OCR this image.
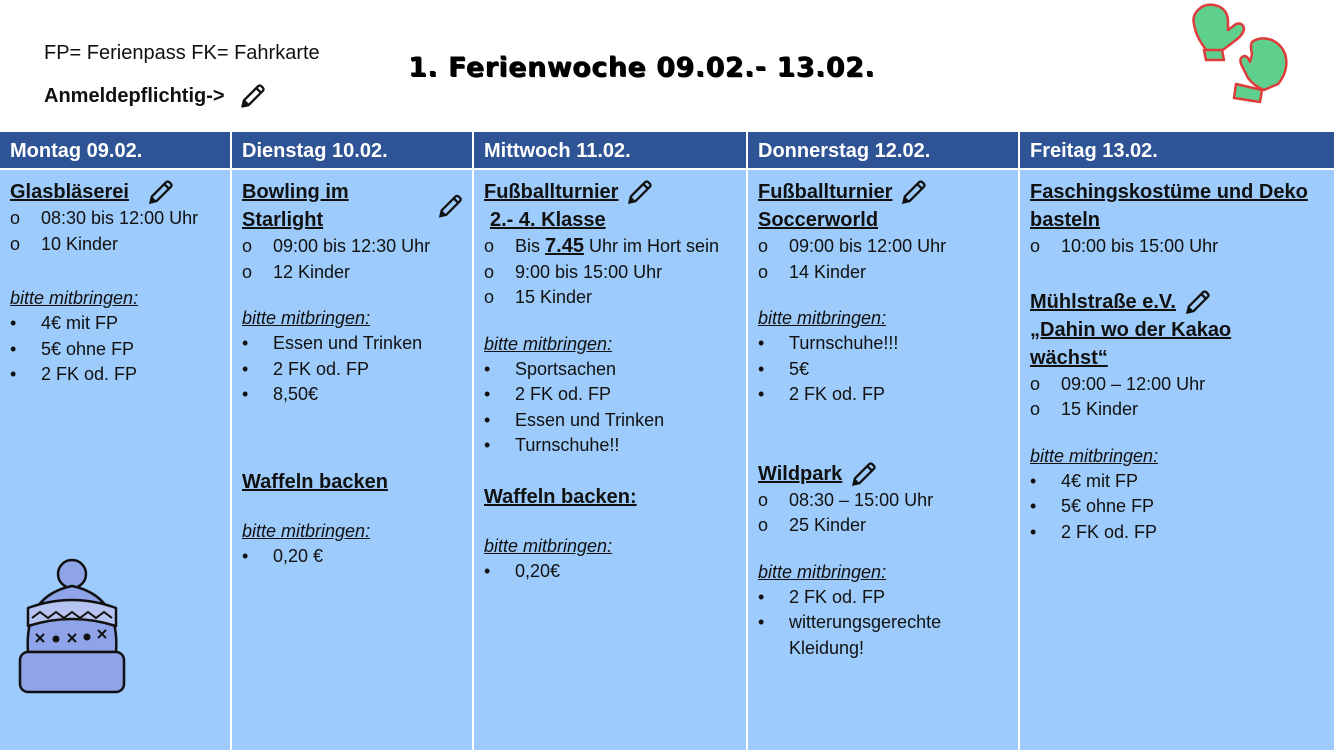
FP= Ferienpass FK= Fahrkarte
Anmeldepflichtig->
1. Ferienwoche 09.02.- 13.02.
Montag 09.02.
Glasbläserei
o	08:30 bis 12:00 Uhr
o	10 Kinder
bitte mitbringen:
•	4€ mit FP
•	5€ ohne FP
•	2 FK od. FP
Dienstag 10.02.
Bowling im Starlight
o	09:00 bis 12:30 Uhr
o	12 Kinder
bitte mitbringen:
•	Essen und Trinken
•	2 FK od. FP
•	8,50€
Waffeln backen
bitte mitbringen:
•	0,20 €
Mittwoch 11.02.
Fußballturnier
2.- 4. Klasse
o	Bis 7.45 Uhr im Hort sein
o	9:00 bis 15:00 Uhr
o	15 Kinder
bitte mitbringen:
•	Sportsachen
•	2 FK od. FP
•	Essen und Trinken
•	Turnschuhe!!
Waffeln backen:
bitte mitbringen:
•	0,20€
Donnerstag 12.02.
Fußballturnier
Soccerworld
o	09:00 bis 12:00 Uhr
o	14 Kinder
bitte mitbringen:
•	Turnschuhe!!!
•	5€
•	2 FK od. FP
Wildpark
o	08:30 – 15:00 Uhr
o	25 Kinder
bitte mitbringen:
•	2 FK od. FP
•	witterungsgerechte
Kleidung!
Freitag 13.02.
Faschingskostüme und Deko
basteln
o	10:00 bis 15:00 Uhr
Mühlstraße e.V.
„Dahin wo der Kakao
wächst“
o	09:00 – 12:00 Uhr
o	15 Kinder
bitte mitbringen:
•	4€ mit FP
•	5€ ohne FP
•	2 FK od. FP
